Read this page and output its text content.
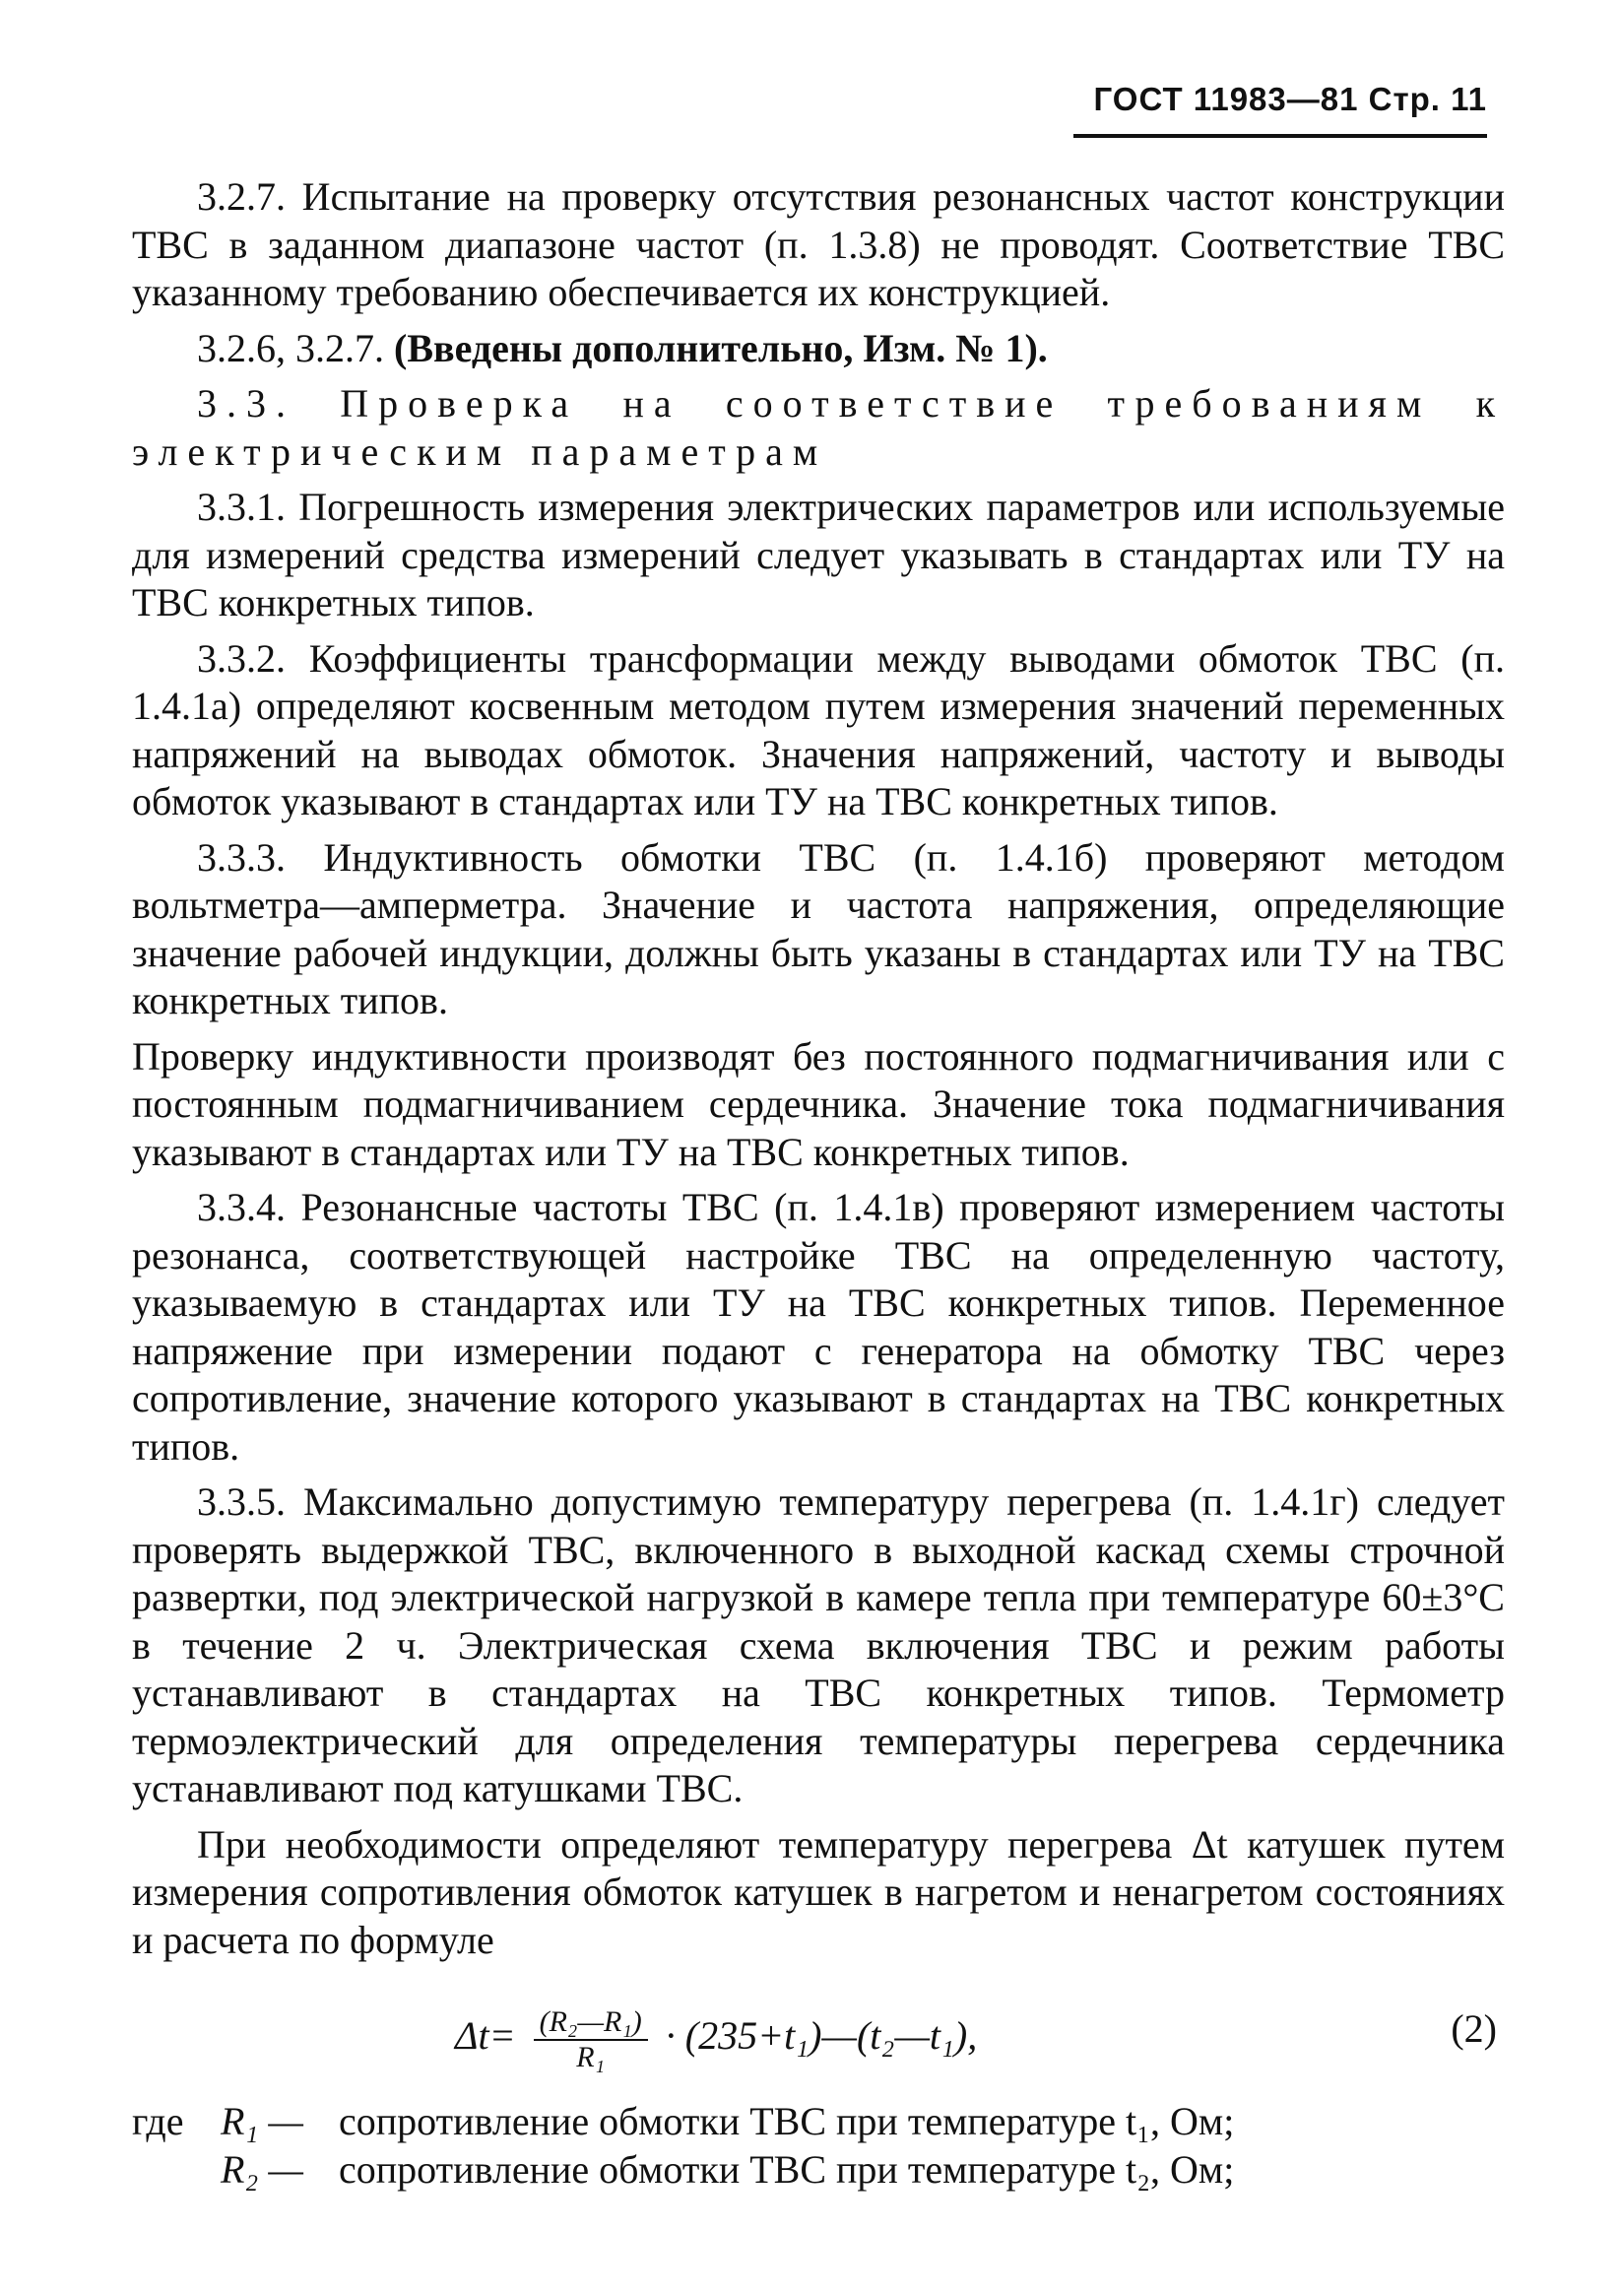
ГОСТ 11983—81 Стр. 11

3.2.7. Испытание на проверку отсутствия резонансных частот конструкции ТВС в заданном диапазоне частот (п. 1.3.8) не проводят. Соответствие ТВС указанному требованию обеспечивается их конструкцией.

3.2.6, 3.2.7. (Введены дополнительно, Изм. № 1).

3.3. Проверка на соответствие требованиям к электрическим параметрам

3.3.1. Погрешность измерения электрических параметров или используемые для измерений средства измерений следует указывать в стандартах или ТУ на ТВС конкретных типов.

3.3.2. Коэффициенты трансформации между выводами обмоток ТВС (п. 1.4.1а) определяют косвенным методом путем измерения значений переменных напряжений на выводах обмоток. Значения напряжений, частоту и выводы обмоток указывают в стандартах или ТУ на ТВС конкретных типов.

3.3.3. Индуктивность обмотки ТВС (п. 1.4.1б) проверяют методом вольтметра—амперметра. Значение и частота напряжения, определяющие значение рабочей индукции, должны быть указаны в стандартах или ТУ на ТВС конкретных типов.

Проверку индуктивности производят без постоянного подмагничивания или с постоянным подмагничиванием сердечника. Значение тока подмагничивания указывают в стандартах или ТУ на ТВС конкретных типов.

3.3.4. Резонансные частоты ТВС (п. 1.4.1в) проверяют измерением частоты резонанса, соответствующей настройке ТВС на определенную частоту, указываемую в стандартах или ТУ на ТВС конкретных типов. Переменное напряжение при измерении подают с генератора на обмотку ТВС через сопротивление, значение которого указывают в стандартах на ТВС конкретных типов.

3.3.5. Максимально допустимую температуру перегрева (п. 1.4.1г) следует проверять выдержкой ТВС, включенного в выходной каскад схемы строчной развертки, под электрической нагрузкой в камере тепла при температуре 60±3°С в течение 2 ч. Электрическая схема включения ТВС и режим работы устанавливают в стандартах на ТВС конкретных типов. Термометр термоэлектрический для определения температуры перегрева сердечника устанавливают под катушками ТВС.

При необходимости определяют температуру перегрева Δt катушек путем измерения сопротивления обмоток катушек в нагретом и ненагретом состояниях и расчета по формуле

$\Delta t= \frac{\text{(R₂—R₁)}}{\text{R₁}}$ · (235+t₁)—(t₂—t₁),	(2)
где R₁ — сопротивление обмотки ТВС при температуре t₁, Ом;
R₂ — сопротивление обмотки ТВС при температуре t₂, Ом;
